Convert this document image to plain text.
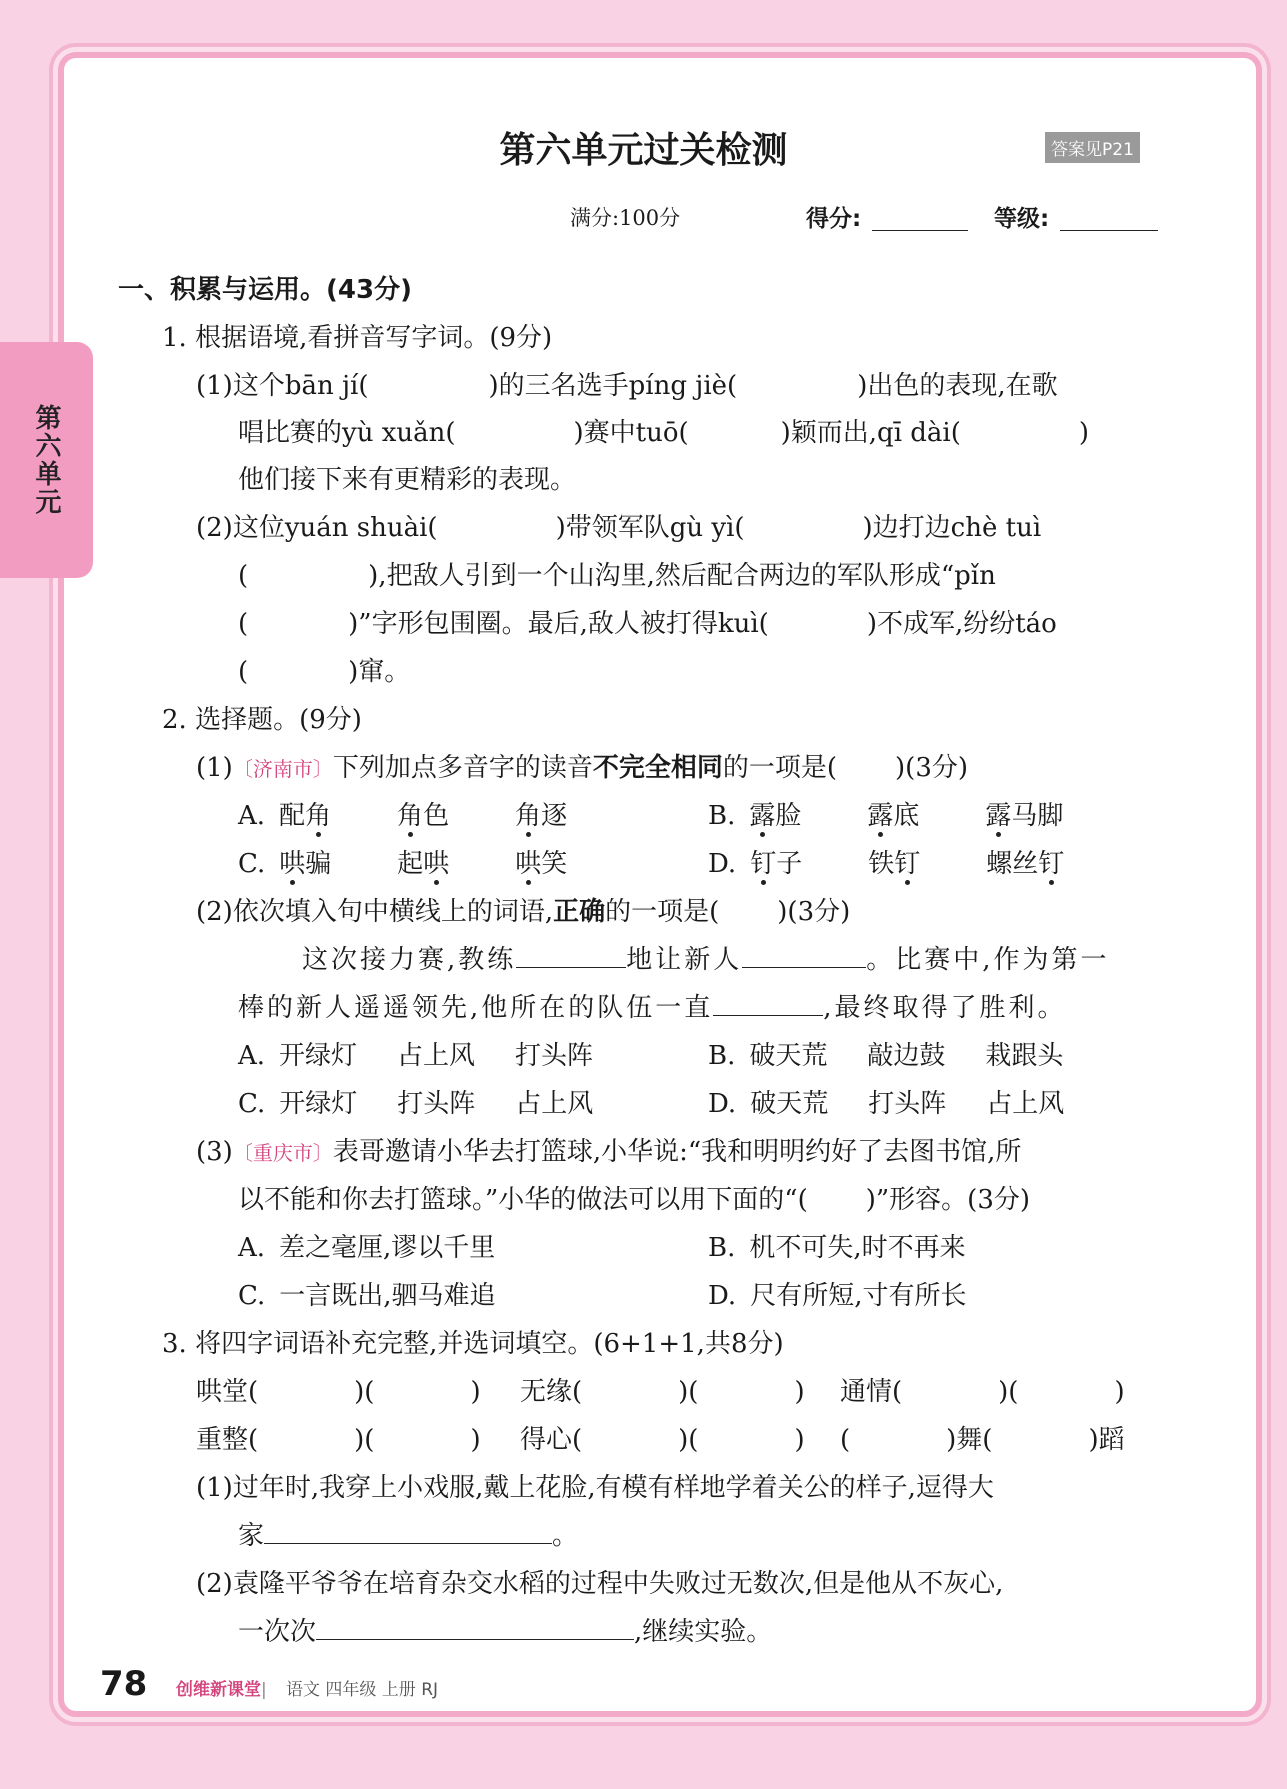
第六单元
第六单元过关检测	答案见P21
满分:100分	得分:	等级:
一、积累与运用。(43分)
1. 根据语境,看拼音写字词。(9分)
(1)这个bān jí(	)的三名选手píng jiè(	)出色的表现,在歌
唱比赛的yù xuǎn(	)赛中tuō(	)颖而出,qī dài(	)
他们接下来有更精彩的表现。
(2)这位yuán shuài(	)带领军队gù yì(	)边打边chè tuì
(	),把敌人引到一个山沟里,然后配合两边的军队形成“pǐn
(	)”字形包围圈。最后,敌人被打得kuì(	)不成军,纷纷táo
(	)窜。
2. 选择题。(9分)
(1)〔济南市〕下列加点多音字的读音不完全相同的一项是( )(3分)
A. 配角	角色	角逐	B. 露脸	露底	露马脚
C. 哄骗	起哄	哄笑	D. 钉子	铁钉	螺丝钉
(2)依次填入句中横线上的词语,正确的一项是( )(3分)
这次接力赛,教练	地让新人	。比赛中,作为第一
棒的新人遥遥领先,他所在的队伍一直	,最终取得了胜利。
A. 开绿灯 占上风 打头阵	B. 破天荒 敲边鼓 栽跟头
C. 开绿灯 打头阵 占上风	D. 破天荒 打头阵 占上风
(3)〔重庆市〕表哥邀请小华去打篮球,小华说:“我和明明约好了去图书馆,所
以不能和你去打篮球。”小华的做法可以用下面的“( )”形容。(3分)
A. 差之毫厘,谬以千里	B. 机不可失,时不再来
C. 一言既出,驷马难追	D. 尺有所短,寸有所长
3. 将四字词语补充完整,并选词填空。(6+1+1,共8分)
哄堂(	)(	) 无缘(	)(	) 通情(	)(	)
重整(	)(	) 得心(	)(	) (	)舞(	)蹈
(1)过年时,我穿上小戏服,戴上花脸,有模有样地学着关公的样子,逗得大
家	。
(2)袁隆平爷爷在培育杂交水稻的过程中失败过无数次,但是他从不灰心,
一次次	,继续实验。
78 创维新课堂| 语文 四年级 上册 RJ
